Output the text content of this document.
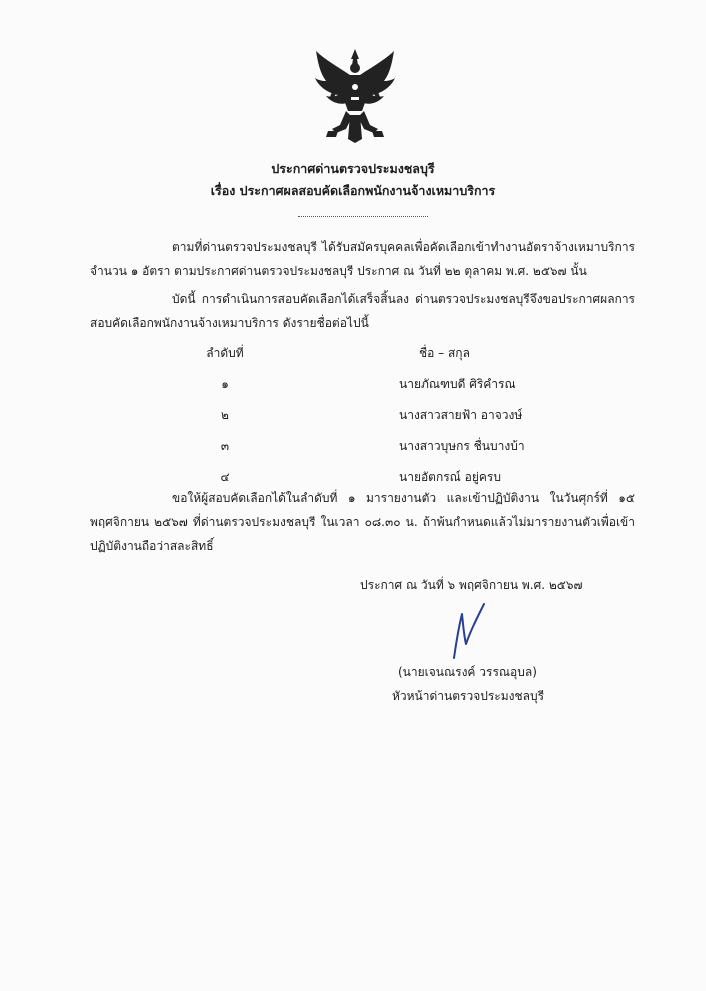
ประกาศด่านตรวจประมงชลบุรี
เรื่อง ประกาศผลสอบคัดเลือกพนักงานจ้างเหมาบริการ
ตามที่ด่านตรวจประมงชลบุรี ได้รับสมัครบุคคลเพื่อคัดเลือกเข้าทำงานอัตราจ้างเหมาบริการ จำนวน ๑ อัตรา ตามประกาศด่านตรวจประมงชลบุรี ประกาศ ณ วันที่ ๒๒ ตุลาคม พ.ศ. ๒๕๖๗ นั้น
บัดนี้ การดำเนินการสอบคัดเลือกได้เสร็จสิ้นลง ด่านตรวจประมงชลบุรีจึงขอประกาศผลการสอบคัดเลือกพนักงานจ้างเหมาบริการ ดังรายชื่อต่อไปนี้
ลำดับที่	ชื่อ – สกุล
๑	นายภัณฑบดี ศิริคำรณ
๒	นางสาวสายฟ้า อาจวงษ์
๓	นางสาวบุษกร ชื่นบางบ้า
๔	นายอัตกรณ์ อยู่ครบ
ขอให้ผู้สอบคัดเลือกได้ในลำดับที่ ๑ มารายงานตัว และเข้าปฏิบัติงาน ในวันศุกร์ที่ ๑๕ พฤศจิกายน ๒๕๖๗ ที่ด่านตรวจประมงชลบุรี ในเวลา ๐๘.๓๐ น. ถ้าพ้นกำหนดแล้วไม่มารายงานตัวเพื่อเข้าปฏิบัติงานถือว่าสละสิทธิ์
ประกาศ ณ วันที่ ๖ พฤศจิกายน พ.ศ. ๒๕๖๗
(นายเจนณรงค์ วรรณอุบล)
หัวหน้าด่านตรวจประมงชลบุรี
